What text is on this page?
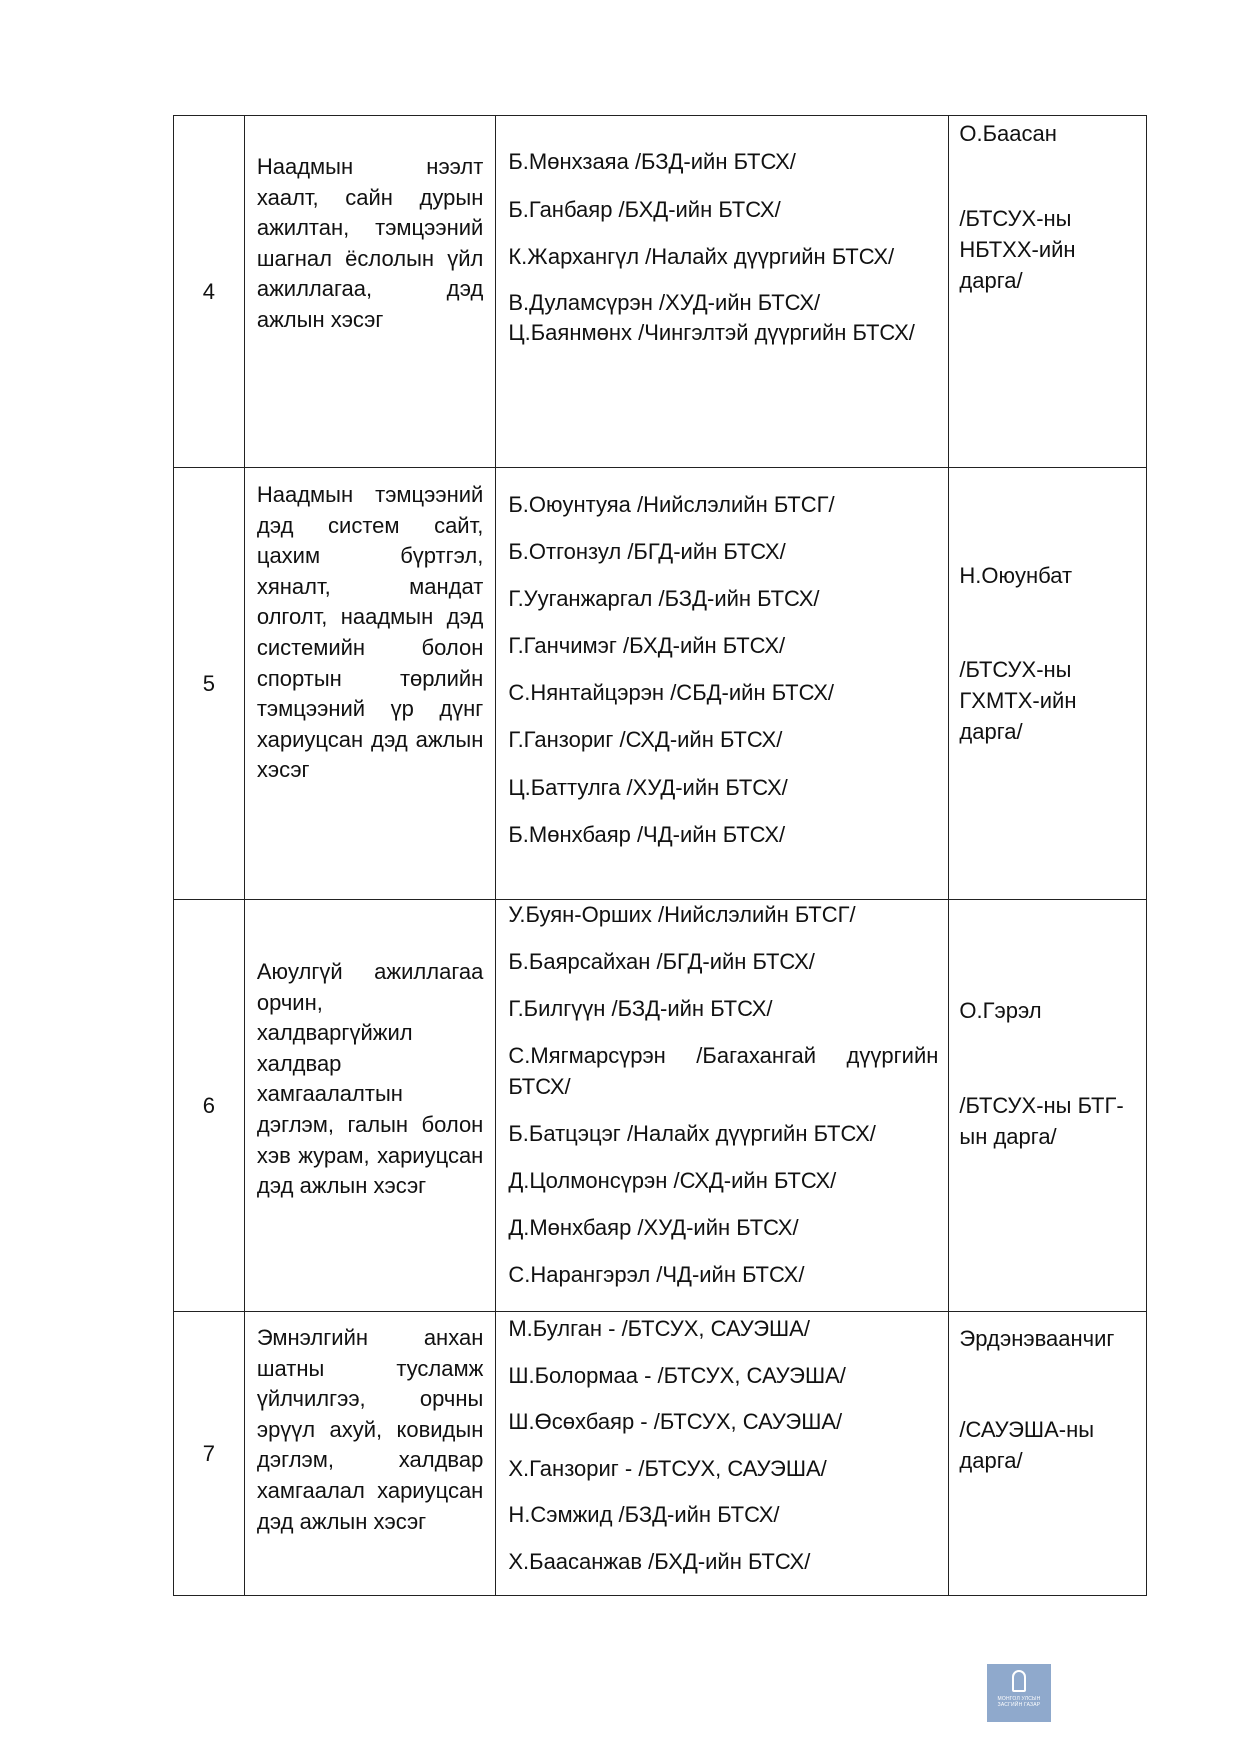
4
Наадмын нээлт хаалт, сайн дурын ажилтан, тэмцээний шагнал ёслолын үйл ажиллагаа, дэд ажлын хэсэг
Б.Мөнхзаяа /БЗД-ийн БТСХ/
Б.Ганбаяр /БХД-ийн БТСХ/
К.Жархангүл /Налайх дүүргийн БТСХ/
В.Дуламсүрэн /ХУД-ийн БТСХ/
Ц.Баянмөнх /Чингэлтэй дүүргийн БТСХ/
О.Баасан
/БТСУХ-ны НБТХХ-ийн дарга/
5
Наадмын тэмцээний дэд систем сайт, цахим бүртгэл, хяналт, мандат олголт, наадмын дэд системийн болон спортын төрлийн тэмцээний үр дүнг хариуцсан дэд ажлын хэсэг
Б.Оюунтуяа /Нийслэлийн БТСГ/
Б.Отгонзул /БГД-ийн БТСХ/
Г.Ууганжаргал /БЗД-ийн БТСХ/
Г.Ганчимэг /БХД-ийн БТСХ/
С.Нянтайцэрэн /СБД-ийн БТСХ/
Г.Ганзориг /СХД-ийн БТСХ/
Ц.Баттулга /ХУД-ийн БТСХ/
Б.Мөнхбаяр /ЧД-ийн БТСХ/
Н.Оюунбат
/БТСУХ-ны ГХМТХ-ийн дарга/
6
Аюулгүй ажиллагаа орчин, халдваргүйжил халдвар хамгаалалтын дэглэм, галын болон хэв журам, хариуцсан дэд ажлын хэсэг
У.Буян-Орших /Нийслэлийн БТСГ/
Б.Баярсайхан /БГД-ийн БТСХ/
Г.Билгүүн /БЗД-ийн БТСХ/
С.Мягмарсүрэн /Багахангай дүүргийн БТСХ/
Б.Батцэцэг /Налайх дүүргийн БТСХ/
Д.Цолмонсүрэн /СХД-ийн БТСХ/
Д.Мөнхбаяр /ХУД-ийн БТСХ/
С.Нарангэрэл /ЧД-ийн БТСХ/
О.Гэрэл
/БТСУХ-ны БТГ-ын дарга/
7
Эмнэлгийн анхан шатны тусламж үйлчилгээ, орчны эрүүл ахуй, ковидын дэглэм, халдвар хамгаалал хариуцсан дэд ажлын хэсэг
М.Булган - /БТСУХ, САУЭША/
Ш.Болормаа - /БТСУХ, САУЭША/
Ш.Өсөхбаяр - /БТСУХ, САУЭША/
Х.Ганзориг - /БТСУХ, САУЭША/
Н.Сэмжид /БЗД-ийн БТСХ/
Х.Баасанжав /БХД-ийн БТСХ/
Эрдэнэваанчиг
/САУЭША-ны дарга/
МОНГОЛ УЛСЫН
ЗАСГИЙН ГАЗАР
